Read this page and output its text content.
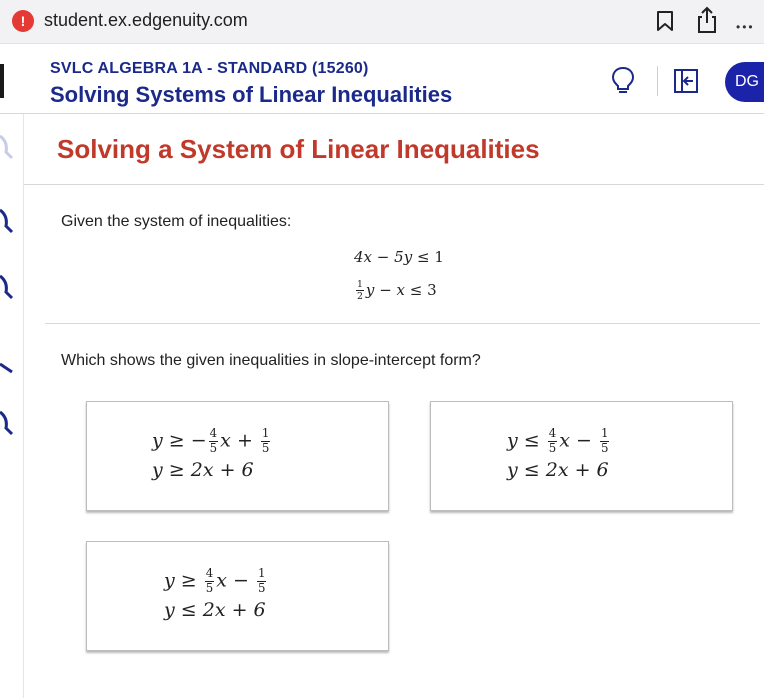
!	student.ex.edgenuity.com	•••
SVLC ALGEBRA 1A - STANDARD (15260)
Solving Systems of Linear Inequalities
DG
Solving a System of Linear Inequalities
Given the system of inequalities:
4x − 5y ≤ 1
$\frac{1}{2}$ y − x ≤ 3
Which shows the given inequalities in slope-intercept form?
y ≥ − $\frac{4}{5}$ $x + \frac{1}{5}$
y ≥ 2x + 6
$y \le \frac{4}{5}$ $x - \frac{1}{5}$
y ≤ 2x + 6
$y \ge \frac{4}{5}$ $x - \frac{1}{5}$
y ≤ 2x + 6
